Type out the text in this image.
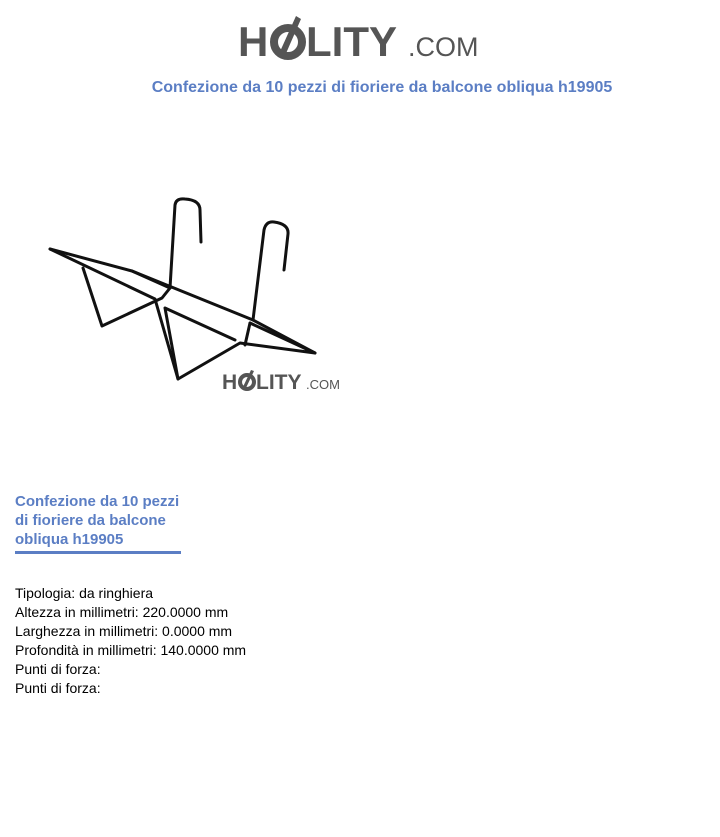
H LITY .COM
Confezione da 10 pezzi di fioriere da balcone obliqua h19905
H LITY .COM
Confezione da 10 pezzi di fioriere da balcone obliqua h19905
Tipologia: da ringhiera
Altezza in millimetri: 220.0000 mm
Larghezza in millimetri: 0.0000 mm
Profondità in millimetri: 140.0000 mm
Punti di forza:
Punti di forza:
